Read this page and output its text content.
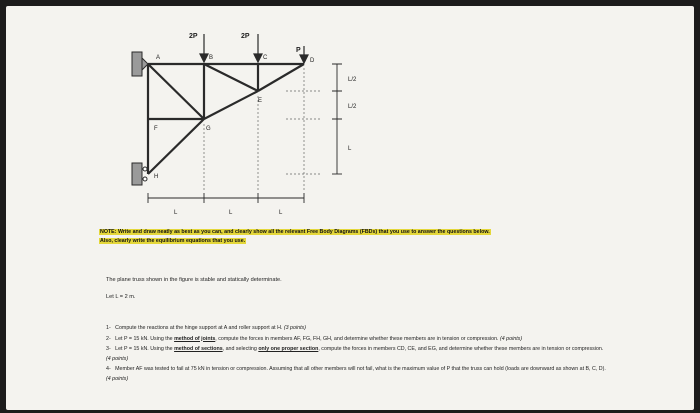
2P	2P
P
A	B	C	D
E
F	G
H
L/2
L/2
L
L	L	L
NOTE: Write and draw neatly as best as you can, and clearly show all the relevant Free Body Diagrams (FBDs) that you use to answer the questions below.
Also, clearly write the equilibrium equations that you use.
The plane truss shown in the figure is stable and statically determinate.
Let L = 2 m.
1- Compute the reactions at the hinge support at A and roller support at H. (3 points)
2- Let P = 15 kN. Using the method of joints, compute the forces in members AF, FG, FH, GH, and determine whether these members are in tension or compression. (4 points)
3- Let P = 15 kN. Using the method of sections, and selecting only one proper section, compute the forces in members CD, CE, and EG, and determine whether these members are in tension or compression. (4 points)
4- Member AF was tested to fail at 75 kN in tension or compression. Assuming that all other members will not fail, what is the maximum value of P that the truss can hold (loads are downward as shown at B, C, D). (4 points)
